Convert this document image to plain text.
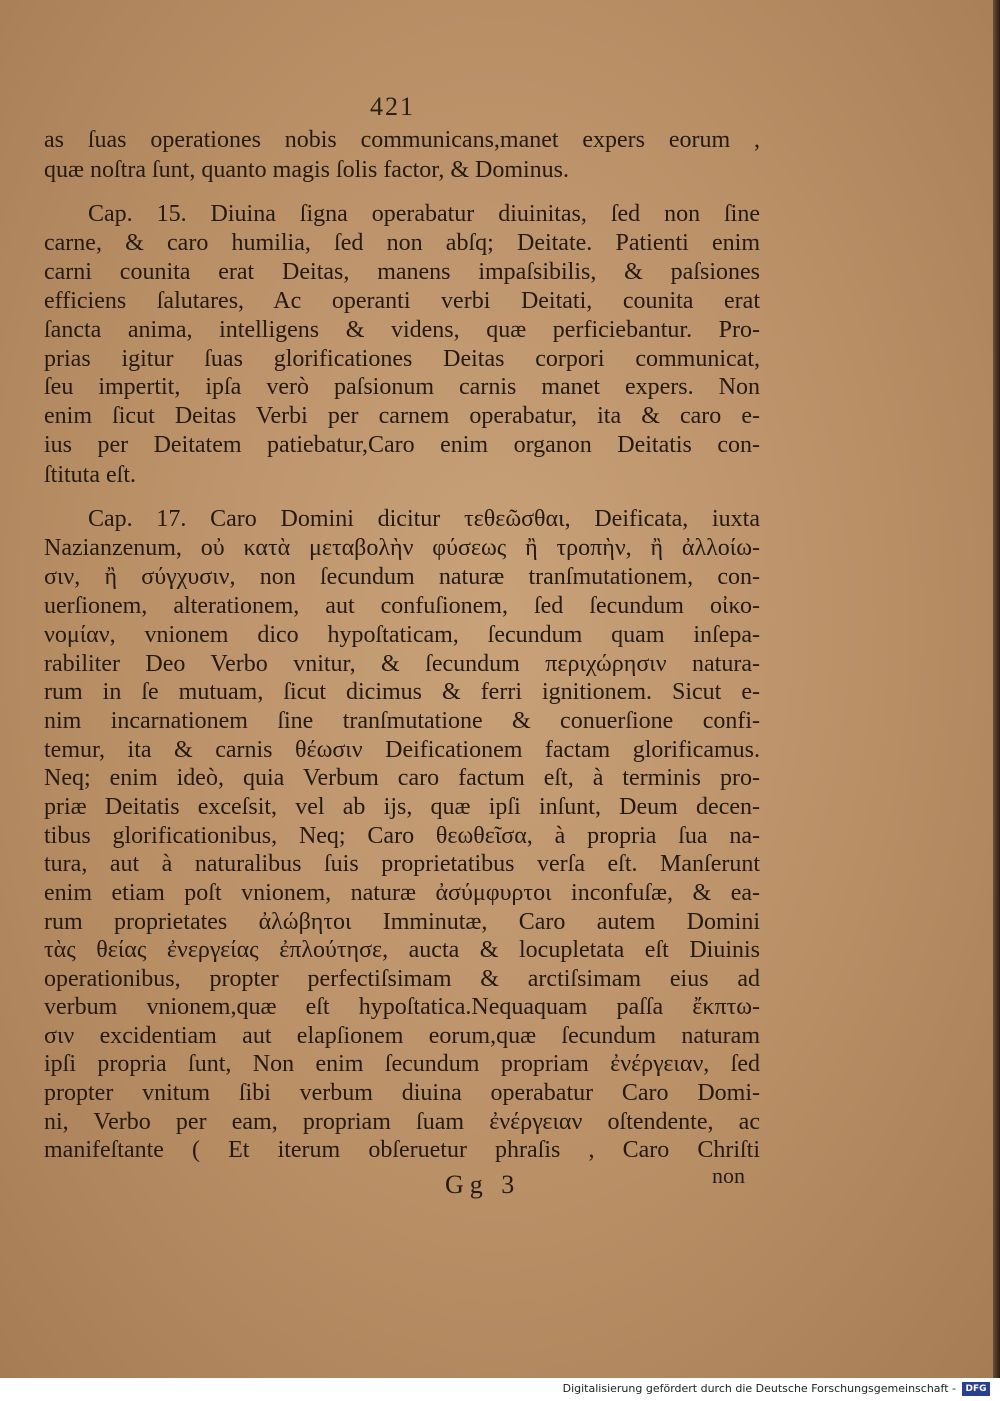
421
as ſuas operationes nobis communicans,manet expers eorum ,
quæ noſtra ſunt, quanto magis ſolis factor, & Dominus.
Cap. 15. Diuina ſigna operabatur diuinitas, ſed non ſine
carne, & caro humilia, ſed non abſq; Deitate. Patienti enim
carni counita erat Deitas, manens impaſsibilis, & paſsiones
efficiens ſalutares, Ac operanti verbi Deitati, counita erat
ſancta anima, intelligens & videns, quæ perficiebantur. Pro-
prias igitur ſuas glorificationes Deitas corpori communicat,
ſeu impertit, ipſa verò paſsionum carnis manet expers. Non
enim ſicut Deitas Verbi per carnem operabatur, ita & caro e-
ius per Deitatem patiebatur,Caro enim organon Deitatis con-
ſtituta eſt.
Cap. 17. Caro Domini dicitur τεθεῶσθαι, Deificata, iuxta
Nazianzenum, οὐ κατὰ μεταβολὴν φύσεως ἢ τροπὴν, ἢ ἀλλοίω-
σιν, ἢ σύγχυσιν, non ſecundum naturæ tranſmutationem, con-
uerſionem, alterationem, aut confuſionem, ſed ſecundum οἰκο-
νομίαν, vnionem dico hypoſtaticam, ſecundum quam inſepa-
rabiliter Deo Verbo vnitur, & ſecundum περιχώρησιν natura-
rum in ſe mutuam, ſicut dicimus & ferri ignitionem. Sicut e-
nim incarnationem ſine tranſmutatione & conuerſione confi-
temur, ita & carnis θέωσιν Deificationem factam glorificamus.
Neq; enim ideò, quia Verbum caro factum eſt, à terminis pro-
priæ Deitatis exceſsit, vel ab ijs, quæ ipſi inſunt, Deum decen-
tibus glorificationibus, Neq; Caro θεωθεῖσα, à propria ſua na-
tura, aut à naturalibus ſuis proprietatibus verſa eſt. Manſerunt
enim etiam poſt vnionem, naturæ ἀσύμφυρτοι inconfuſæ, & ea-
rum proprietates ἀλώβητοι Imminutæ, Caro autem Domini
τὰς θείας ἐνεργείας ἐπλούτησε, aucta & locupletata eſt Diuinis
operationibus, propter perfectiſsimam & arctiſsimam eius ad
verbum vnionem,quæ eſt hypoſtatica.Nequaquam paſſa ἔκπτω-
σιν excidentiam aut elapſionem eorum,quæ ſecundum naturam
ipſi propria ſunt, Non enim ſecundum propriam ἐνέργειαν, ſed
propter vnitum ſibi verbum diuina operabatur Caro Domi-
ni, Verbo per eam, propriam ſuam ἐνέργειαν oſtendente, ac
manifeſtante ( Et iterum obſeruetur phraſis , Caro Chriſti
Gg 3	non
Digitalisierung gefördert durch die Deutsche Forschungsgemeinschaft -	DFG
